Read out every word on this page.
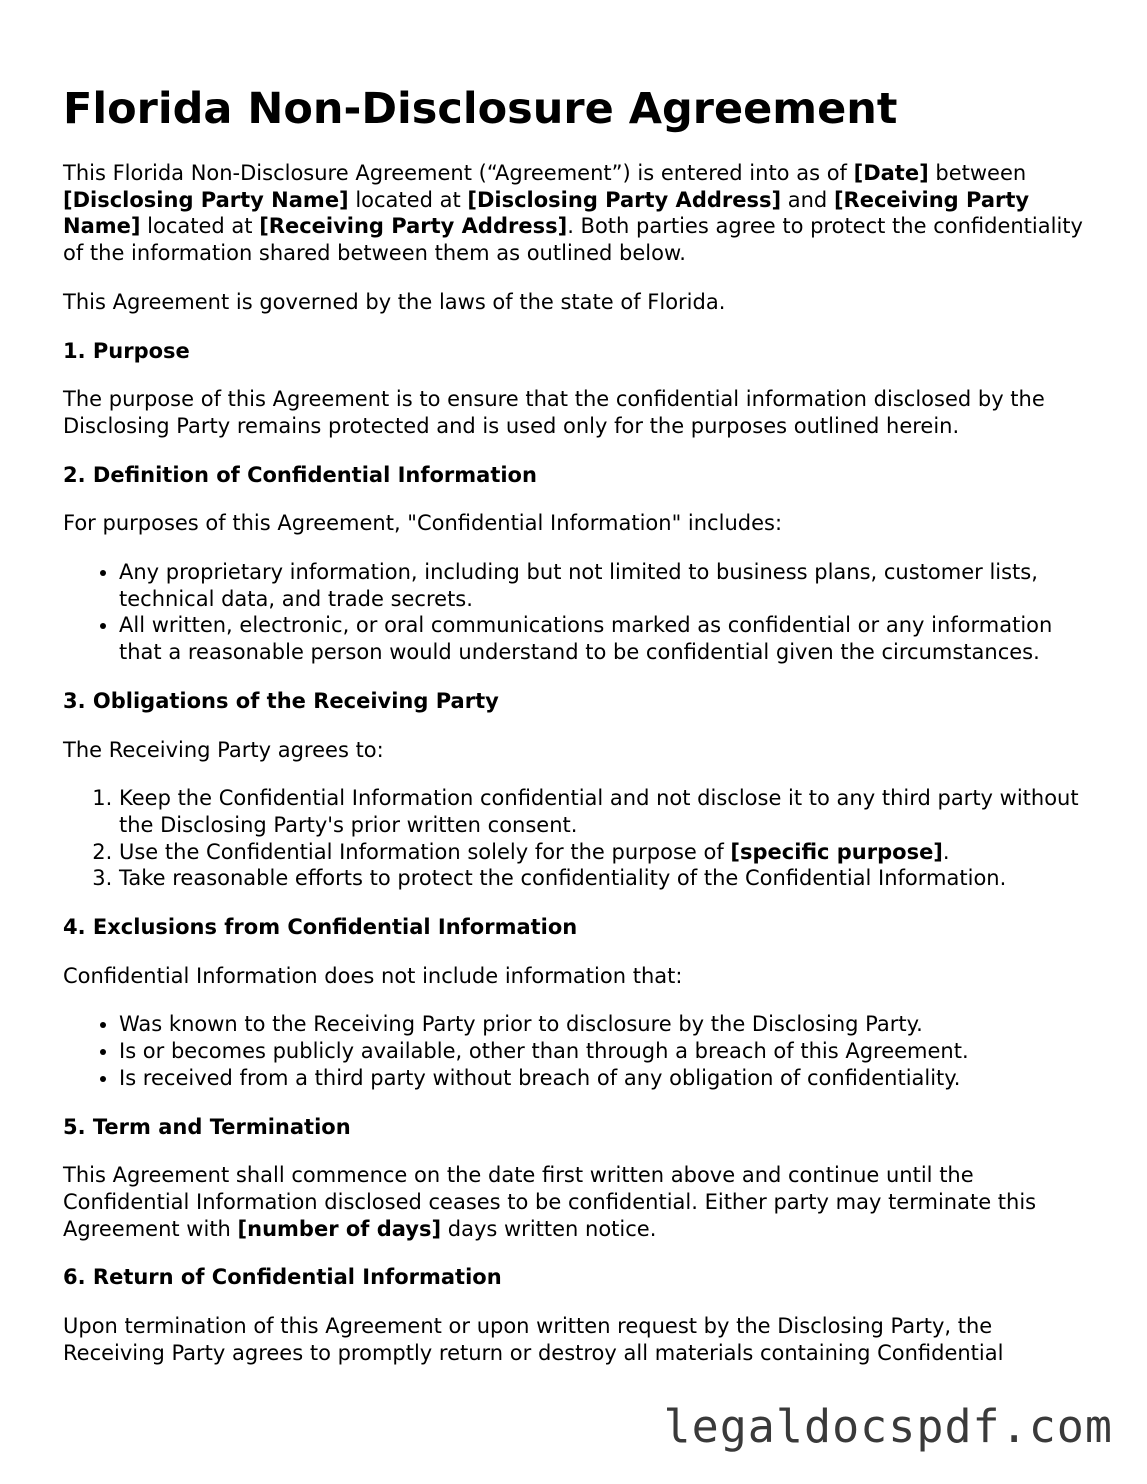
Florida Non-Disclosure Agreement

This Florida Non-Disclosure Agreement (“Agreement”) is entered into as of [Date] between [Disclosing Party Name] located at [Disclosing Party Address] and [Receiving Party Name] located at [Receiving Party Address]. Both parties agree to protect the confidentiality of the information shared between them as outlined below.

This Agreement is governed by the laws of the state of Florida.

1. Purpose

The purpose of this Agreement is to ensure that the confidential information disclosed by the Disclosing Party remains protected and is used only for the purposes outlined herein.

2. Definition of Confidential Information

For purposes of this Agreement, "Confidential Information" includes:

• Any proprietary information, including but not limited to business plans, customer lists, technical data, and trade secrets.
• All written, electronic, or oral communications marked as confidential or any information that a reasonable person would understand to be confidential given the circumstances.
3. Obligations of the Receiving Party

The Receiving Party agrees to:

1. Keep the Confidential Information confidential and not disclose it to any third party without the Disclosing Party's prior written consent.
2. Use the Confidential Information solely for the purpose of [specific purpose].
3. Take reasonable efforts to protect the confidentiality of the Confidential Information.
4. Exclusions from Confidential Information

Confidential Information does not include information that:

• Was known to the Receiving Party prior to disclosure by the Disclosing Party.
• Is or becomes publicly available, other than through a breach of this Agreement.
• Is received from a third party without breach of any obligation of confidentiality.
5. Term and Termination

This Agreement shall commence on the date first written above and continue until the Confidential Information disclosed ceases to be confidential. Either party may terminate this Agreement with [number of days] days written notice.

6. Return of Confidential Information

Upon termination of this Agreement or upon written request by the Disclosing Party, the Receiving Party agrees to promptly return or destroy all materials containing Confidential

legaldocspdf.com
